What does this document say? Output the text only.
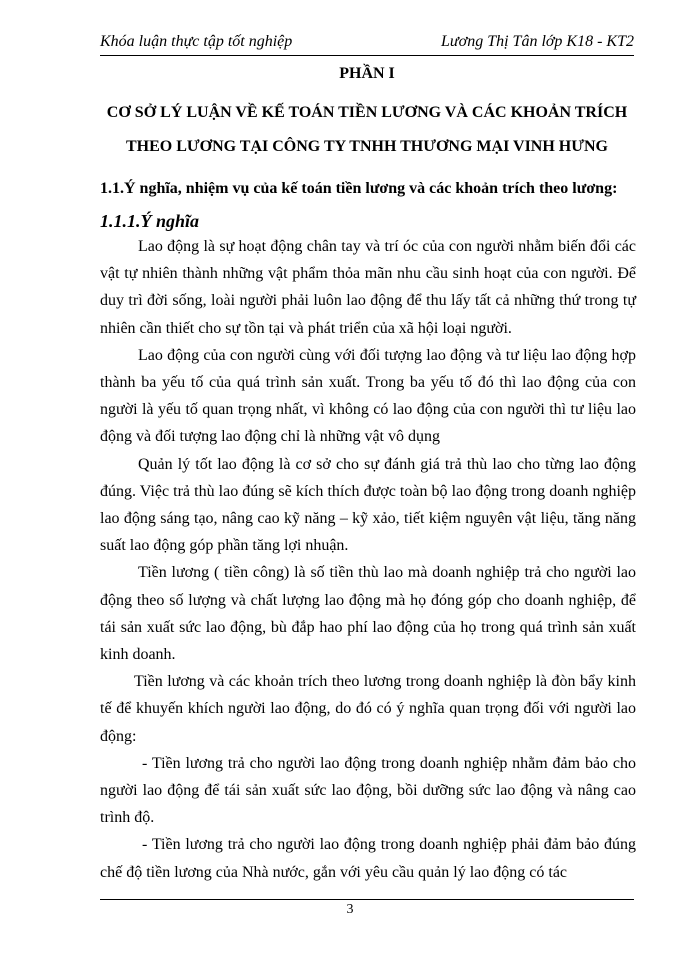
Khóa luận thực tập tốt nghiệp	Lương Thị Tân lớp K18 - KT2
PHẦN I
CƠ SỞ LÝ LUẬN VỀ KẾ TOÁN TIỀN LƯƠNG VÀ CÁC KHOẢN TRÍCH
THEO LƯƠNG TẠI CÔNG TY TNHH THƯƠNG MẠI VINH HƯNG
1.1.Ý nghĩa, nhiệm vụ của kế toán tiền lương và các khoản trích theo lương:
1.1.1.Ý nghĩa

Lao động là sự hoạt động chân tay và trí óc của con người nhằm biến đổi các vật tự nhiên thành những vật phẩm thỏa mãn nhu cầu sinh hoạt của con người. Để duy trì đời sống, loài người phải luôn lao động để thu lấy tất cả những thứ trong tự nhiên cần thiết cho sự tồn tại và phát triển của xã hội loại người.

Lao động của con người cùng với đối tượng lao động và tư liệu lao động hợp thành ba yếu tố của quá trình sản xuất. Trong ba yếu tố đó thì lao động của con người là yếu tố quan trọng nhất, vì không có lao động của con người thì tư liệu lao động và đối tượng lao động chỉ là những vật vô dụng

Quản lý tốt lao động là cơ sở cho sự đánh giá trả thù lao cho từng lao động đúng. Việc trả thù lao đúng sẽ kích thích được toàn bộ lao động trong doanh nghiệp lao động sáng tạo, nâng cao kỹ năng – kỹ xảo, tiết kiệm nguyên vật liệu, tăng năng suất lao động góp phần tăng lợi nhuận.

Tiền lương ( tiền công) là số tiền thù lao mà doanh nghiệp trả cho người lao động theo số lượng và chất lượng lao động mà họ đóng góp cho doanh nghiệp, để tái sản xuất sức lao động, bù đắp hao phí lao động của họ trong quá trình sản xuất kinh doanh.

Tiền lương và các khoản trích theo lương trong doanh nghiệp là đòn bẩy kinh tế để khuyến khích người lao động, do đó có ý nghĩa quan trọng đối với người lao động:

- Tiền lương trả cho người lao động trong doanh nghiệp nhằm đảm bảo cho người lao động để tái sản xuất sức lao động, bồi dưỡng sức lao động và nâng cao trình độ.

- Tiền lương trả cho người lao động trong doanh nghiệp phải đảm bảo đúng chế độ tiền lương của Nhà nước, gắn với yêu cầu quản lý lao động có tác

3
